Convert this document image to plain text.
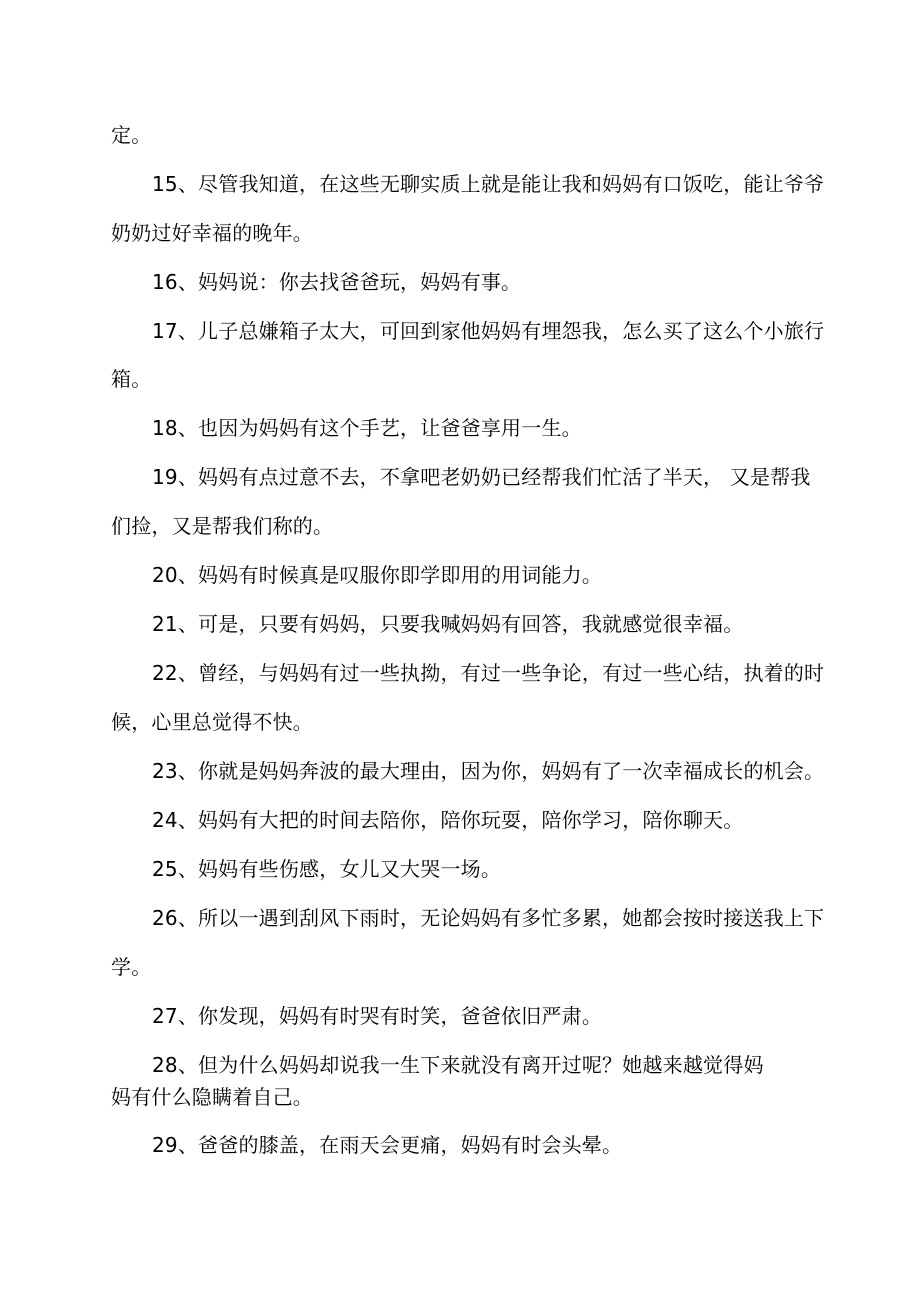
定。
15、尽管我知道，在这些无聊实质上就是能让我和妈妈有口饭吃，能让爷爷
奶奶过好幸福的晚年。
16、妈妈说：你去找爸爸玩，妈妈有事。
17、儿子总嫌箱子太大，可回到家他妈妈有埋怨我，怎么买了这么个小旅行
箱。
18、也因为妈妈有这个手艺，让爸爸享用一生。
19、妈妈有点过意不去，不拿吧老奶奶已经帮我们忙活了半天， 又是帮我
们捡，又是帮我们称的。
20、妈妈有时候真是叹服你即学即用的用词能力。
21、可是，只要有妈妈，只要我喊妈妈有回答，我就感觉很幸福。
22、曾经，与妈妈有过一些执拗，有过一些争论，有过一些心结，执着的时
候，心里总觉得不快。
23、你就是妈妈奔波的最大理由，因为你，妈妈有了一次幸福成长的机会。
24、妈妈有大把的时间去陪你，陪你玩耍，陪你学习，陪你聊天。
25、妈妈有些伤感，女儿又大哭一场。
26、所以一遇到刮风下雨时，无论妈妈有多忙多累，她都会按时接送我上下
学。
27、你发现，妈妈有时哭有时笑，爸爸依旧严肃。
28、但为什么妈妈却说我一生下来就没有离开过呢？她越来越觉得妈
妈有什么隐瞒着自己。
29、爸爸的膝盖，在雨天会更痛，妈妈有时会头晕。
